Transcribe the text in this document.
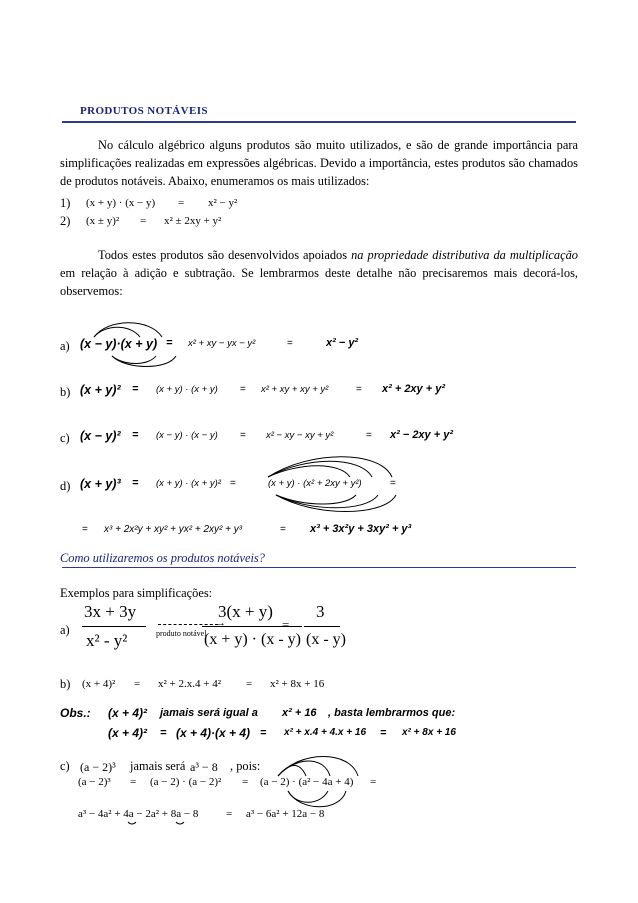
PRODUTOS NOTÁVEIS
No cálculo algébrico alguns produtos são muito utilizados, e são de grande importância para simplificações realizadas em expressões algébricas. Devido a importância, estes produtos são chamados de produtos notáveis. Abaixo, enumeramos os mais utilizados:
1) (x + y) · (x − y) = x² − y²
2) (x ± y)² = x² ± 2xy + y²
Todos estes produtos são desenvolvidos apoiados na propriedade distributiva da multiplicação em relação à adição e subtração. Se lembrarmos deste detalhe não precisaremos mais decorá-los, observemos:
a) (x − y)·(x + y) = x² + xy − yx − y²	=	x² − y²
b) (x + y)² = (x + y) · (x + y) = x² + xy + xy + y²	= x² + 2xy + y²
c) (x − y)² = (x − y) · (x − y) = x² − xy − xy + y²	= x² − 2xy + y²
d) (x + y)³ = (x + y) · (x + y)² =	(x + y) · (x² + 2xy + y²)	=
= x³ + 2x²y + xy² + yx² + 2xy² + y³	= x³ + 3x²y + 3xy² + y³
Como utilizaremos os produtos notáveis?
Exemplos para simplificações:
a)
3x + 3y
x² - y²
→
produto notável
3(x + y)
(x + y) · (x - y)
=
3
(x - y)
b) (x + 4)² = x² + 2.x.4 + 4² = x² + 8x + 16
Obs.: (x + 4)² jamais será igual a x² + 16 , basta lembrarmos que:
(x + 4)² = (x + 4)·(x + 4) = x² + x.4 + 4.x + 16 = x² + 8x + 16
c) (a − 2)³ jamais será a³ − 8 , pois:
(a − 2)³ = (a − 2) · (a − 2)² = (a − 2) · (a² − 4a + 4) =
a³ − 4a² + 4a − 2a² + 8a − 8	= a³ − 6a² + 12a − 8
